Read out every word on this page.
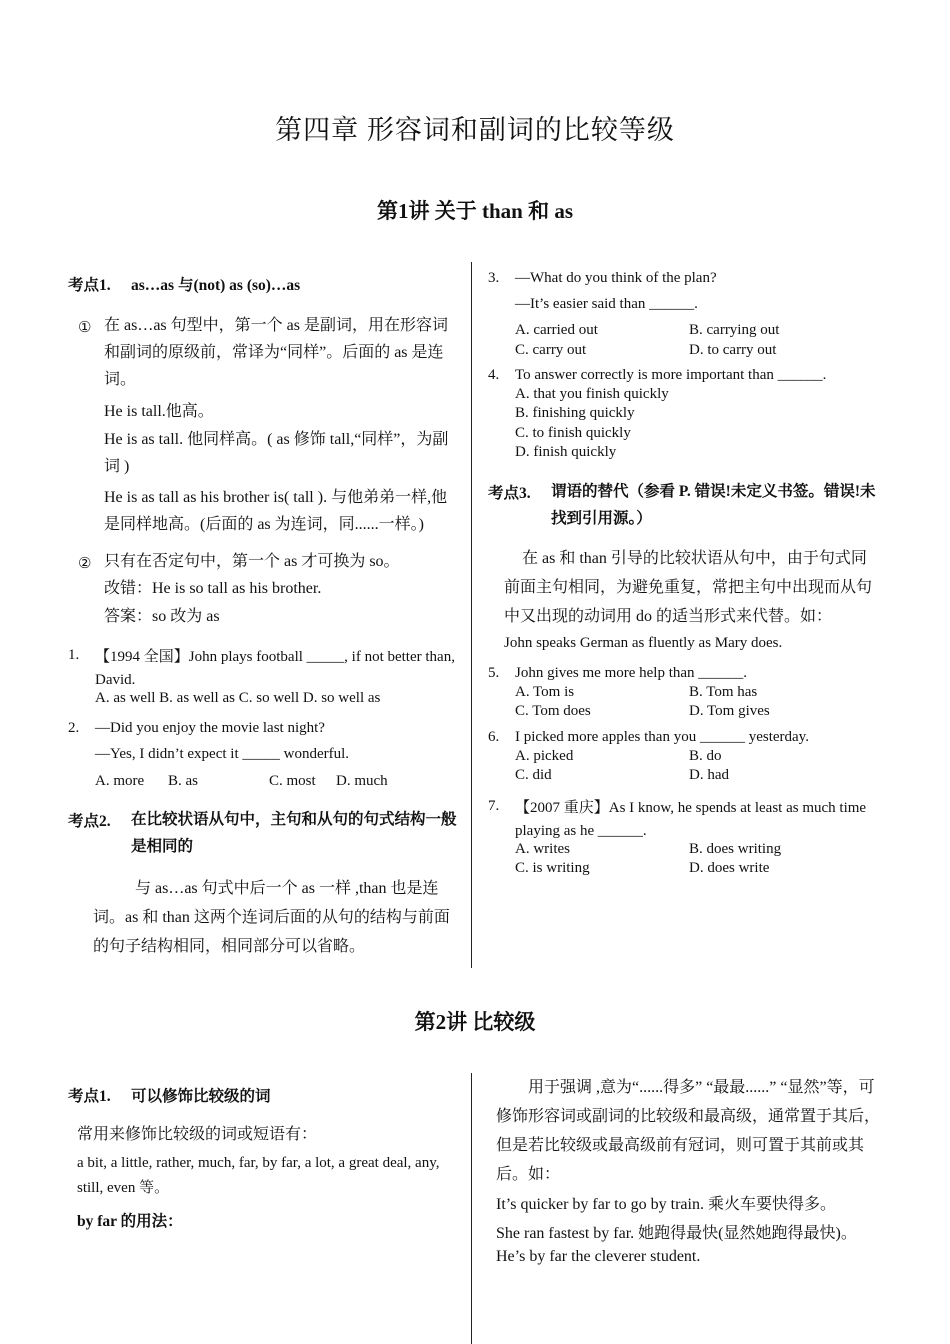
第四章 形容词和副词的比较等级
第1讲 关于 than 和 as
考点1. as…as 与(not) as (so)…as
① 在 as…as 句型中，第一个 as 是副词，用在形容词和副词的原级前，常译为“同样”。后面的 as 是连词。
He is tall.他高。
He is as tall. 他同样高。( as 修饰 tall,“同样”，为副词 )
He is as tall as his brother is( tall ). 与他弟弟一样,他是同样地高。(后面的 as 为连词，同......一样。)
② 只有在否定句中，第一个 as 才可换为 so。
改错：He is so tall as his brother.
答案：so 改为 as
1. 【1994 全国】John plays football _____, if not better than, David.
A. as well B. as well as C. so well D. so well as
2. —Did you enjoy the movie last night?
—Yes, I didn’t expect it _____ wonderful.
A. more B. as	C. most D. much
考点2. 在比较状语从句中，主句和从句的句式结构一般是相同的
与 as…as 句式中后一个 as 一样 ,than 也是连词。as 和 than 这两个连词后面的从句的结构与前面的句子结构相同，相同部分可以省略。
3. —What do you think of the plan?
—It’s easier said than ______.
A. carried out	B. carrying out
C. carry out	D. to carry out
4. To answer correctly is more important than ______.
A. that you finish quickly
B. finishing quickly
C. to finish quickly
D. finish quickly
考点3. 谓语的替代（参看 P. 错误!未定义书签。错误!未找到引用源。）
在 as 和 than 引导的比较状语从句中，由于句式同前面主句相同，为避免重复，常把主句中出现而从句中又出现的动词用 do 的适当形式来代替。如：
John speaks German as fluently as Mary does.
5. John gives me more help than ______.
A. Tom is	B. Tom has
C. Tom does	D. Tom gives
6. I picked more apples than you ______ yesterday.
A. picked	B. do
C. did	D. had
7. 【2007 重庆】As I know, he spends at least as much time playing as he ______.
A. writes	B. does writing
C. is writing	D. does write
第2讲 比较级
考点1. 可以修饰比较级的词
常用来修饰比较级的词或短语有：
a bit, a little, rather, much, far, by far, a lot, a great deal, any, still, even 等。
by far 的用法：
用于强调 ,意为“......得多” “最最......” “显然”等，可修饰形容词或副词的比较级和最高级，通常置于其后，但是若比较级或最高级前有冠词，则可置于其前或其后。如：
It’s quicker by far to go by train. 乘火车要快得多。
She ran fastest by far. 她跑得最快(显然她跑得最快)。
He’s by far the cleverer student.
